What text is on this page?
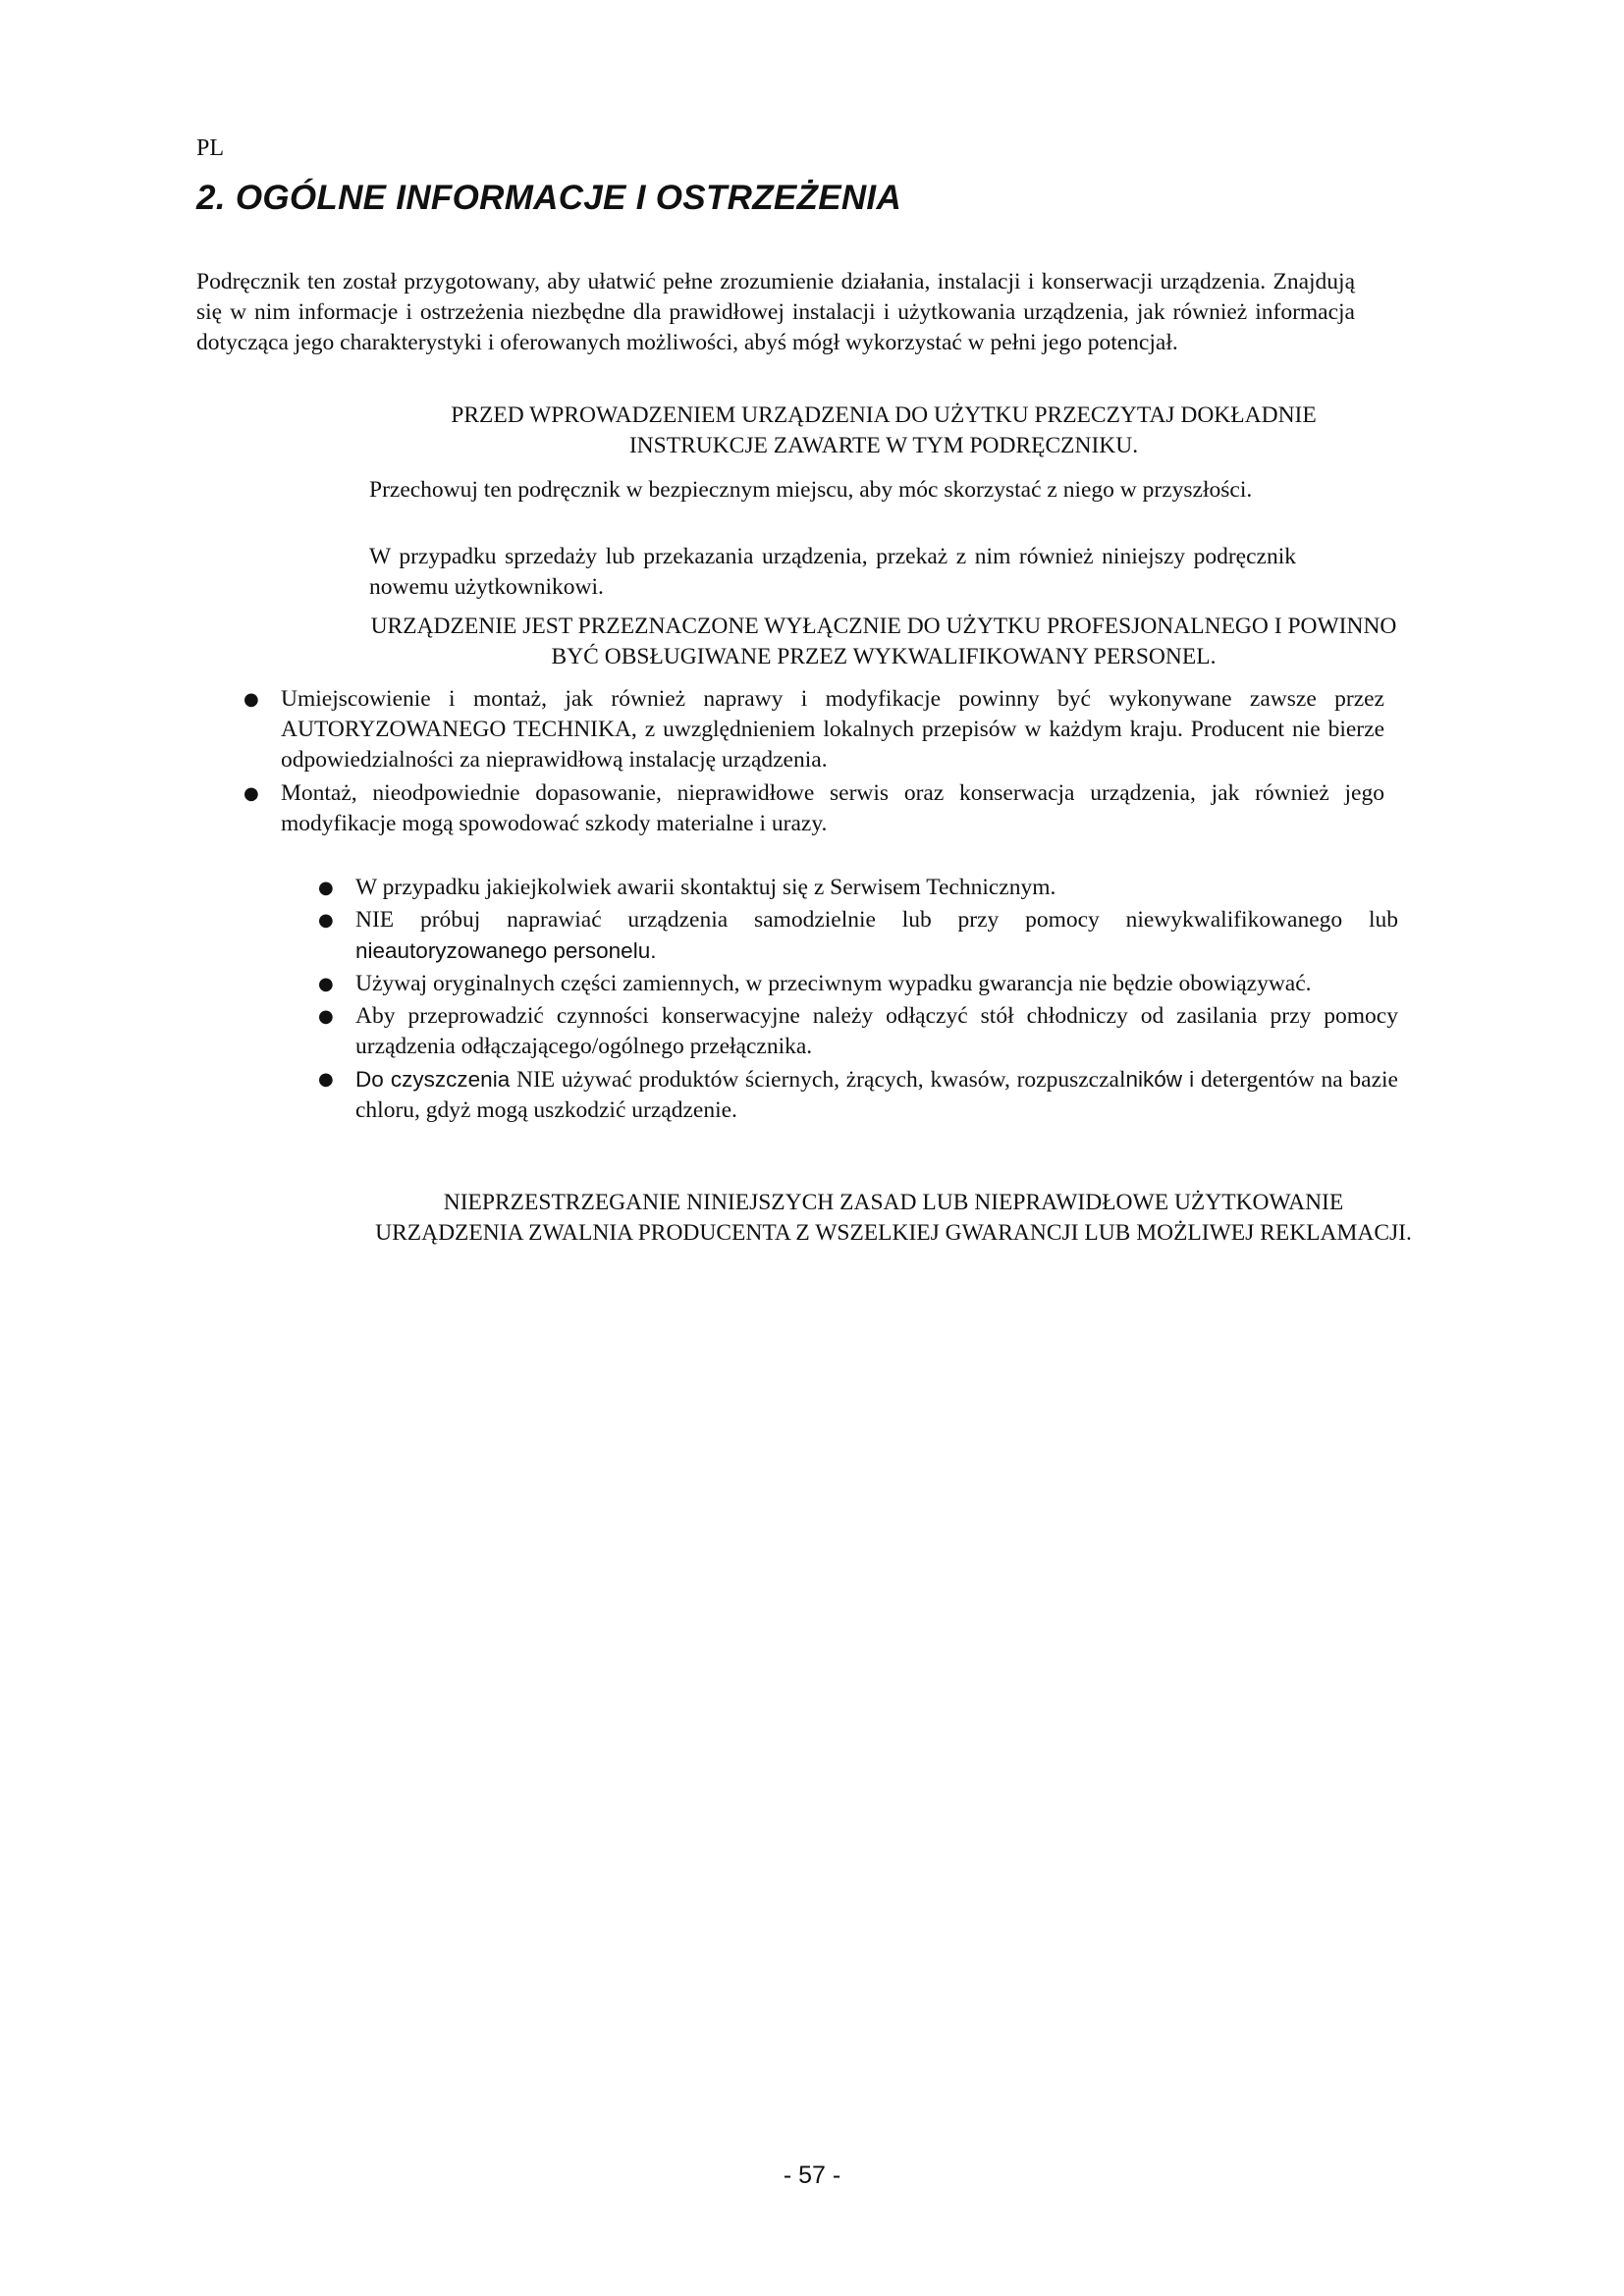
PL
2. OGÓLNE INFORMACJE I OSTRZEŻENIA

Podręcznik ten został przygotowany, aby ułatwić pełne zrozumienie działania, instalacji i konserwacji urządzenia. Znajdują się w nim informacje i ostrzeżenia niezbędne dla prawidłowej instalacji i użytkowania urządzenia, jak również informacja dotycząca jego charakterystyki i oferowanych możliwości, abyś mógł wykorzystać w pełni jego potencjał.

PRZED WPROWADZENIEM URZĄDZENIA DO UŻYTKU PRZECZYTAJ DOKŁADNIE INSTRUKCJE ZAWARTE W TYM PODRĘCZNIKU.

Przechowuj ten podręcznik w bezpiecznym miejscu, aby móc skorzystać z niego w przyszłości.

W przypadku sprzedaży lub przekazania urządzenia, przekaż z nim również niniejszy podręcznik nowemu użytkownikowi.

URZĄDZENIE JEST PRZEZNACZONE WYŁĄCZNIE DO UŻYTKU PROFESJONALNEGO I POWINNO BYĆ OBSŁUGIWANE PRZEZ WYKWALIFIKOWANY PERSONEL.

● Umiejscowienie i montaż, jak również naprawy i modyfikacje powinny być wykonywane zawsze przez AUTORYZOWANEGO TECHNIKA, z uwzględnieniem lokalnych przepisów w każdym kraju. Producent nie bierze odpowiedzialności za nieprawidłową instalację urządzenia.
● Montaż, nieodpowiednie dopasowanie, nieprawidłowe serwis oraz konserwacja urządzenia, jak również jego modyfikacje mogą spowodować szkody materialne i urazy.
● W przypadku jakiejkolwiek awarii skontaktuj się z Serwisem Technicznym.
● NIE próbuj naprawiać urządzenia samodzielnie lub przy pomocy niewykwalifikowanego lub nieautoryzowanego personelu.
● Używaj oryginalnych części zamiennych, w przeciwnym wypadku gwarancja nie będzie obowiązywać.
● Aby przeprowadzić czynności konserwacyjne należy odłączyć stół chłodniczy od zasilania przy pomocy urządzenia odłączającego/ogólnego przełącznika.
● Do czyszczenia NIE używać produktów ściernych, żrących, kwasów, rozpuszczalników i detergentów na bazie chloru, gdyż mogą uszkodzić urządzenie.

NIEPRZESTRZEGANIE NINIEJSZYCH ZASAD LUB NIEPRAWIDŁOWE UŻYTKOWANIE URZĄDZENIA ZWALNIA PRODUCENTA Z WSZELKIEJ GWARANCJI LUB MOŻLIWEJ REKLAMACJI.

- 57 -
